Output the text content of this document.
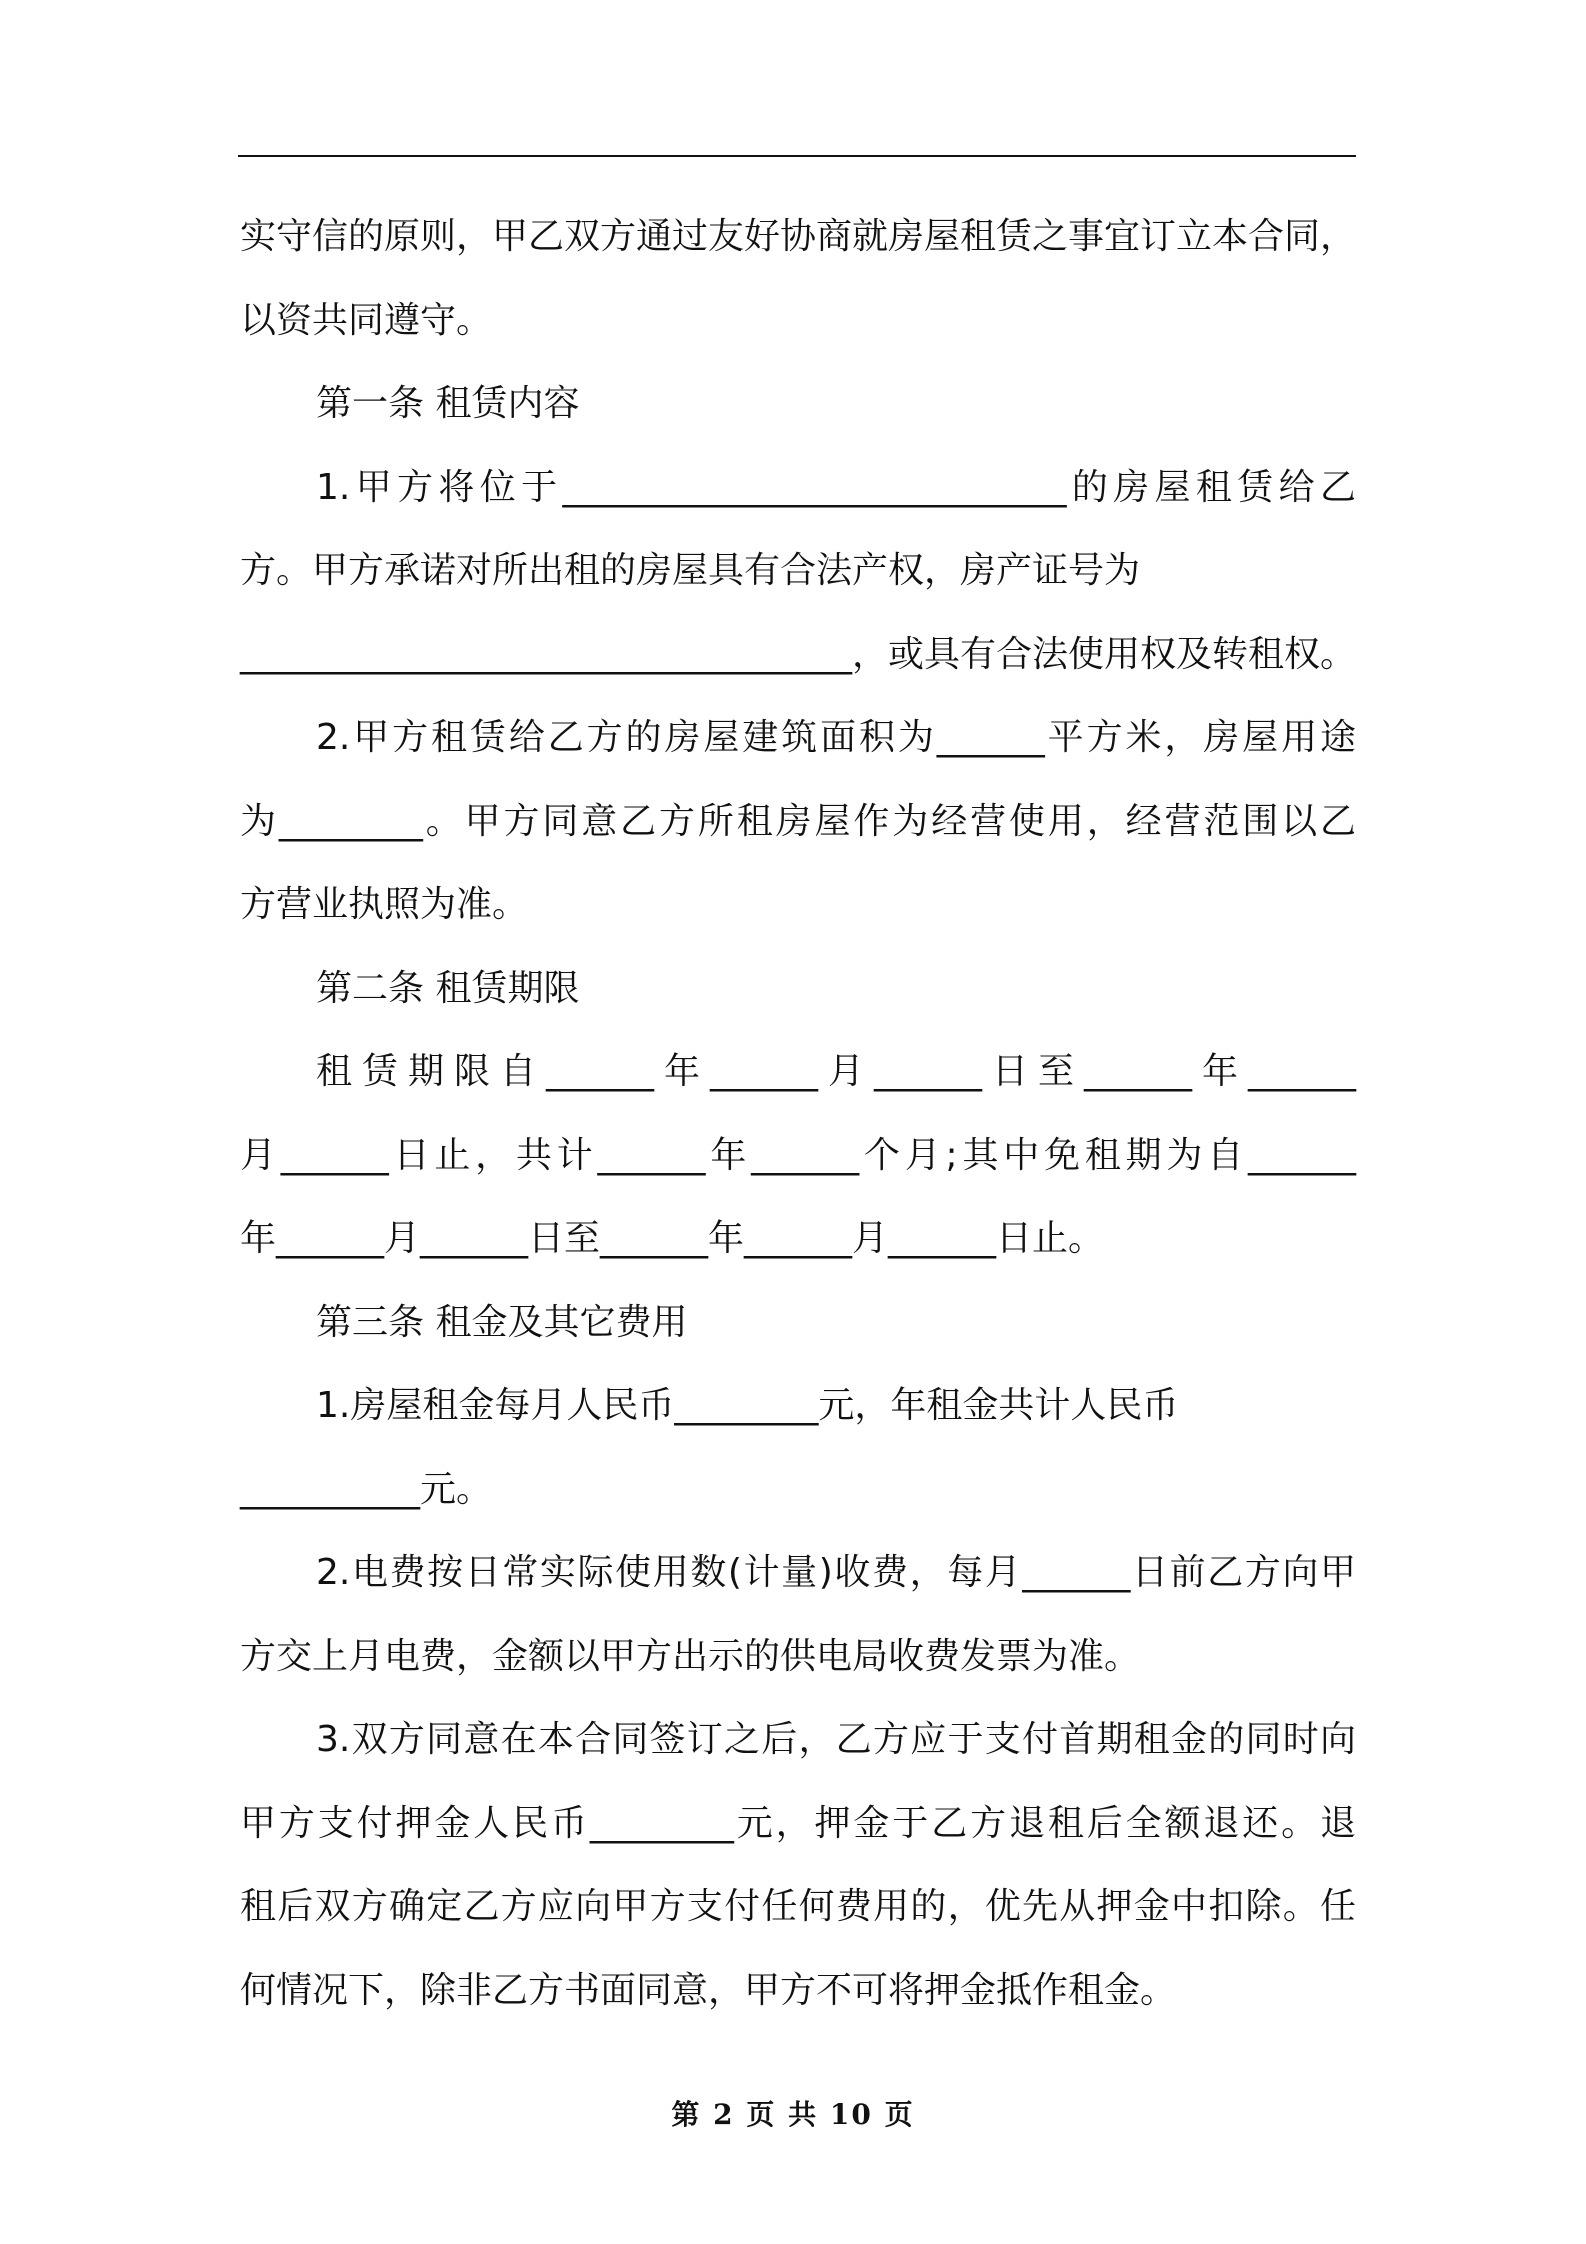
实守信的原则，甲乙双方通过友好协商就房屋租赁之事宜订立本合同，
以资共同遵守。
第一条 租赁内容
1.甲方将位于____________________________的房屋租赁给乙
方。甲方承诺对所出租的房屋具有合法产权，房产证号为
__________________________________，或具有合法使用权及转租权。
2.甲方租赁给乙方的房屋建筑面积为______平方米，房屋用途
为________。甲方同意乙方所租房屋作为经营使用，经营范围以乙
方营业执照为准。
第二条 租赁期限
租赁期限自______年______月______日至______年______
月______日止，共计______年______个月;其中免租期为自______
年______月______日至______年______月______日止。
第三条 租金及其它费用
1.房屋租金每月人民币________元，年租金共计人民币
__________元。
2.电费按日常实际使用数(计量)收费，每月______日前乙方向甲
方交上月电费，金额以甲方出示的供电局收费发票为准。
3.双方同意在本合同签订之后，乙方应于支付首期租金的同时向
甲方支付押金人民币________元，押金于乙方退租后全额退还。退
租后双方确定乙方应向甲方支付任何费用的，优先从押金中扣除。任
何情况下，除非乙方书面同意，甲方不可将押金抵作租金。
第 2 页 共 10 页
